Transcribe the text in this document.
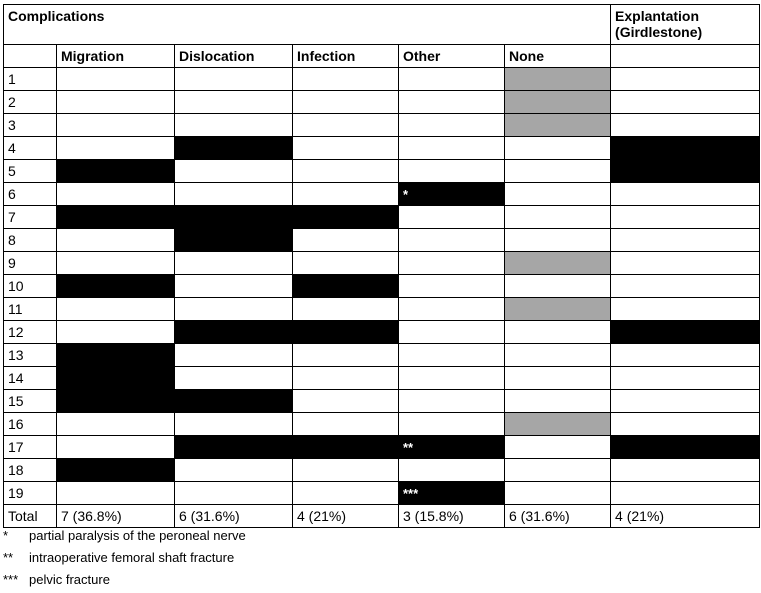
Complications						Explantation (Girdlestone)
	Migration	Dislocation	Infection	Other	None	
1						
2						
3						
4						
5						
6				*		
7						
8						
9						
10						
11						
12						
13						
14						
15						
16						
17				**		
18						
19				***		
Total	7 (36.8%)	6 (31.6%)	4 (21%)	3 (15.8%)	6 (31.6%)	4 (21%)
*	partial paralysis of the peroneal nerve
**	intraoperative femoral shaft fracture
*** pelvic fracture
